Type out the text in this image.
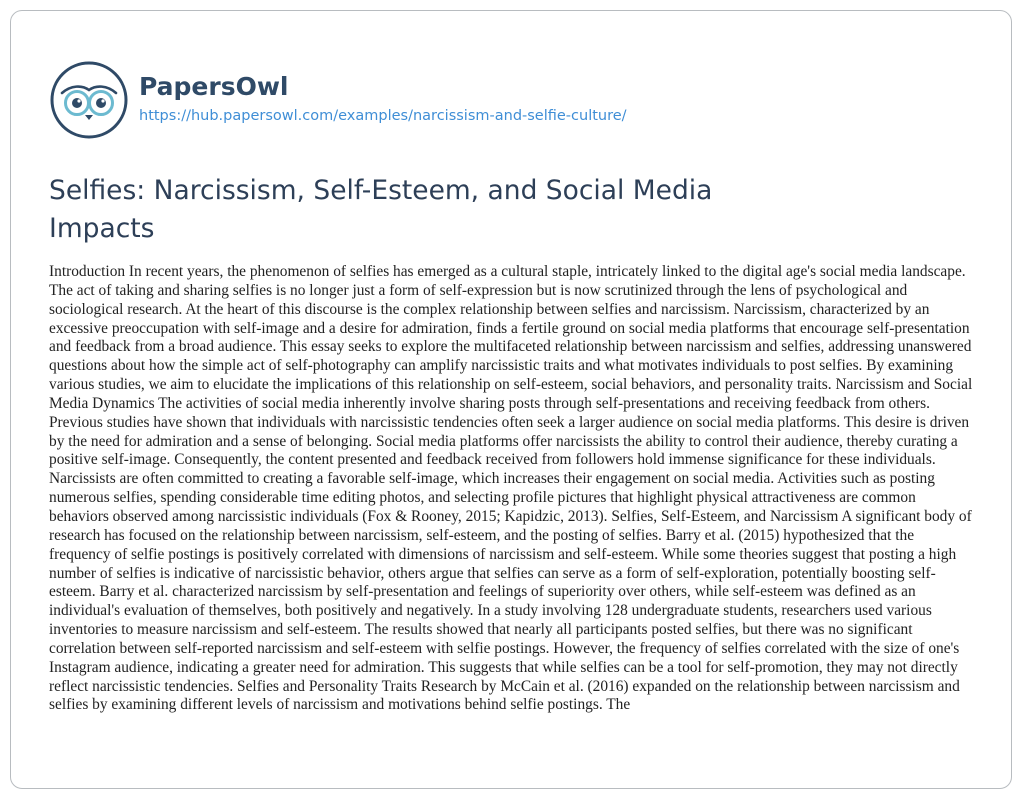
PapersOwl
https://hub.papersowl.com/examples/narcissism-and-selfie-culture/
Selfies: Narcissism, Self-Esteem, and Social Media Impacts

Introduction In recent years, the phenomenon of selfies has emerged as a cultural staple, intricately linked to the digital age's social media landscape. The act of taking and sharing selfies is no longer just a form of self-expression but is now scrutinized through the lens of psychological and sociological research. At the heart of this discourse is the complex relationship between selfies and narcissism. Narcissism, characterized by an excessive preoccupation with self-image and a desire for admiration, finds a fertile ground on social media platforms that encourage self-presentation and feedback from a broad audience. This essay seeks to explore the multifaceted relationship between narcissism and selfies, addressing unanswered questions about how the simple act of self-photography can amplify narcissistic traits and what motivates individuals to post selfies. By examining various studies, we aim to elucidate the implications of this relationship on self-esteem, social behaviors, and personality traits. Narcissism and Social Media Dynamics The activities of social media inherently involve sharing posts through self-presentations and receiving feedback from others. Previous studies have shown that individuals with narcissistic tendencies often seek a larger audience on social media platforms. This desire is driven by the need for admiration and a sense of belonging. Social media platforms offer narcissists the ability to control their audience, thereby curating a positive self-image. Consequently, the content presented and feedback received from followers hold immense significance for these individuals. Narcissists are often committed to creating a favorable self-image, which increases their engagement on social media. Activities such as posting numerous selfies, spending considerable time editing photos, and selecting profile pictures that highlight physical attractiveness are common behaviors observed among narcissistic individuals (Fox & Rooney, 2015; Kapidzic, 2013). Selfies, Self-Esteem, and Narcissism A significant body of research has focused on the relationship between narcissism, self-esteem, and the posting of selfies. Barry et al. (2015) hypothesized that the frequency of selfie postings is positively correlated with dimensions of narcissism and self-esteem. While some theories suggest that posting a high number of selfies is indicative of narcissistic behavior, others argue that selfies can serve as a form of self-exploration, potentially boosting self-esteem. Barry et al. characterized narcissism by self-presentation and feelings of superiority over others, while self-esteem was defined as an individual's evaluation of themselves, both positively and negatively. In a study involving 128 undergraduate students, researchers used various inventories to measure narcissism and self-esteem. The results showed that nearly all participants posted selfies, but there was no significant correlation between self-reported narcissism and self-esteem with selfie postings. However, the frequency of selfies correlated with the size of one's Instagram audience, indicating a greater need for admiration. This suggests that while selfies can be a tool for self-promotion, they may not directly reflect narcissistic tendencies. Selfies and Personality Traits Research by McCain et al. (2016) expanded on the relationship between narcissism and selfies by examining different levels of narcissism and motivations behind selfie postings. The
